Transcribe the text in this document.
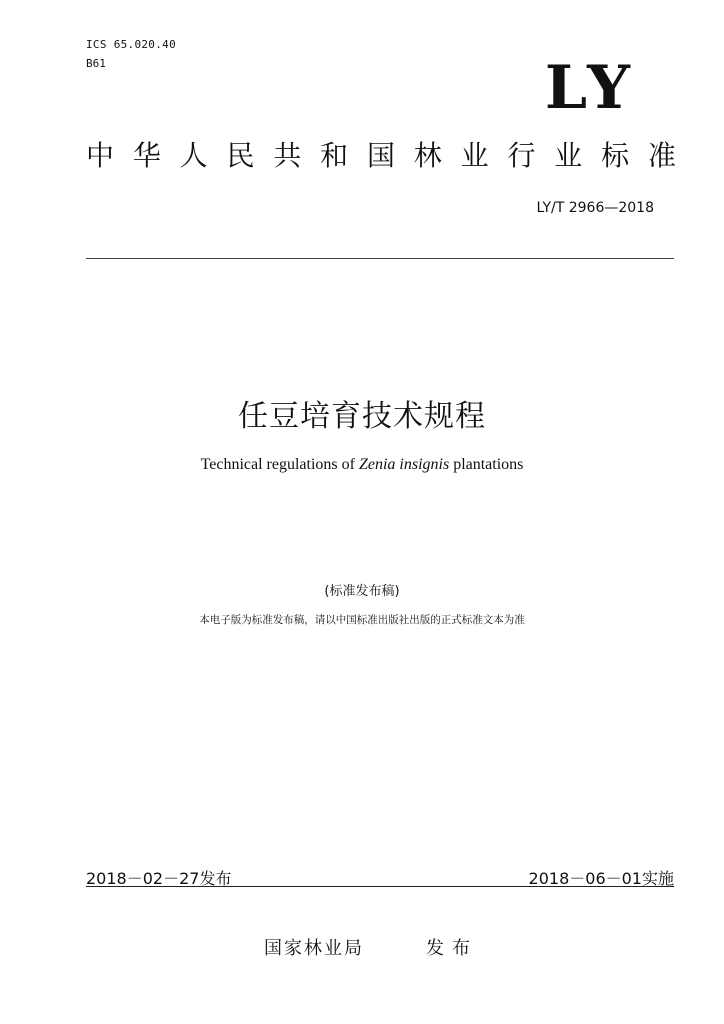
ICS 65.020.40
B61	LY
中 华 人 民 共 和 国 林 业 行 业 标 准
LY/T 2966—2018
任豆培育技术规程
Technical regulations of Zenia insignis plantations
(标准发布稿)
本电子版为标准发布稿，请以中国标准出版社出版的正式标准文本为准
2018－02－27发布	2018－06－01实施
国家林业局	发布
